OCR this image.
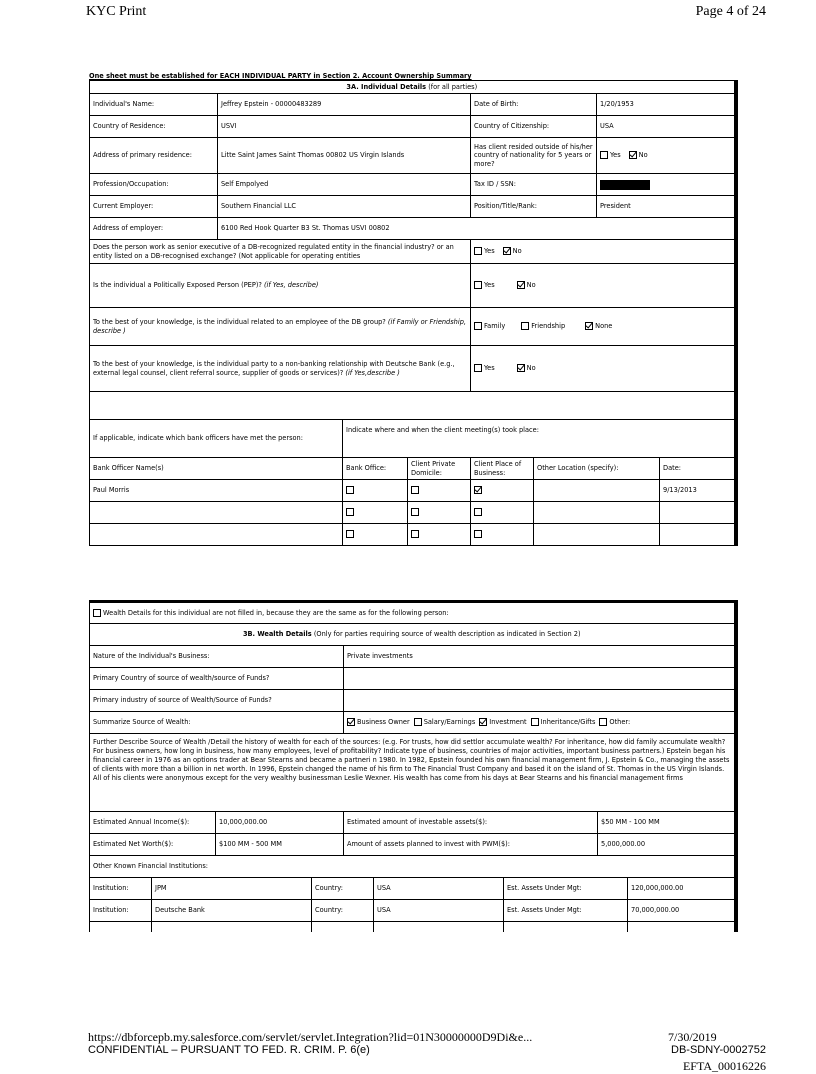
KYC Print	Page 4 of 24
One sheet must be established for EACH INDIVIDUAL PARTY in Section 2. Account Ownership Summary
3A. Individual Details (for all parties)							
Individual's Name:	Jeffrey Epstein - 00000483289			Date of Birth:		1/20/1953	
Country of Residence:	USVI			Country of Citizenship:		USA	
Address of primary residence:	Litte Saint James Saint Thomas 00802 US Virgin Islands			Has client resided outside of his/her country of nationality for 5 years or more?		Yes No	
Profession/Occupation:	Self Empolyed			Tax ID / SSN:			
Current Employer:	Southern Financial LLC			Position/Title/Rank:		President	
Address of employer:	6100 Red Hook Quarter B3 St. Thomas USVI 00802						
Does the person work as senior executive of a DB-recognized regulated entity in the financial industry? or an entity listed on a DB-recognised exchange? (Not applicable for operating entities				Yes No			
Is the individual a Politically Exposed Person (PEP)? (if Yes, describe)				Yes No			
To the best of your knowledge, is the individual related to an employee of the DB group? (if Family or Friendship, describe )				Family Friendship None			
To the best of your knowledge, is the individual party to a non-banking relationship with Deutsche Bank (e.g., external legal counsel, client referral source, supplier of goods or services)? (if Yes,describe )				Yes No			

If applicable, indicate which bank officers have met the person:		Indicate where and when the client meeting(s) took place:					
Bank Officer Name(s)		Bank Office:	Client Private Domicile:	Client Place of Business:	Other Location (specify):		Date:
Paul Morris							9/13/2013

Wealth Details for this individual are not filled in, because they are the same as for the following person:								
3B. Wealth Details (Only for parties requiring source of wealth description as indicated in Section 2)								
Nature of the Individual's Business:				Private investments				
Primary Country of source of wealth/source of Funds?								
Primary industry of source of Wealth/Source of Funds?								
Summarize Source of Wealth:				Business Owner Salary/Earnings Investment Inheritance/Gifts Other:				
Further Describe Source of Wealth /Detail the history of wealth for each of the sources: (e.g. For trusts, how did settlor accumulate wealth? For inheritance, how did family accumulate wealth?For business owners, how long in business, how many employees, level of profitability? Indicate type of business, countries of major activities, important business partners.) Epstein began his financial career in 1976 as an options trader at Bear Stearns and became a partneri n 1980. In 1982, Epstein founded his own financial management firm, J. Epstein & Co., managing the assets of clients with more than a billion in net worth. In 1996, Epstein changed the name of his firm to The Financial Trust Company and based it on the island of St. Thomas in the US Virgin Islands. All of his clients were anonymous except for the very wealthy businessman Leslie Wexner. His wealth has come from his days at Bear Stearns and his financial management firms								
Estimated Annual Income($):		10,000,000.00		Estimated amount of investable assets($):			$50 MM - 100 MM	
Estimated Net Worth($):		$100 MM - 500 MM		Amount of assets planned to invest with PWM($):			5,000,000.00	
Other Known Financial Institutions:								
Institution:	JPM		Country:		USA	Est. Assets Under Mgt:		120,000,000.00
Institution:	Deutsche Bank		Country:		USA	Est. Assets Under Mgt:		70,000,000.00

https://dbforcepb.my.salesforce.com/servlet/servlet.Integration?lid=01N30000000D9Di&e...	7/30/2019
CONFIDENTIAL – PURSUANT TO FED. R. CRIM. P. 6(e)	DB-SDNY-0002752
EFTA_00016226
